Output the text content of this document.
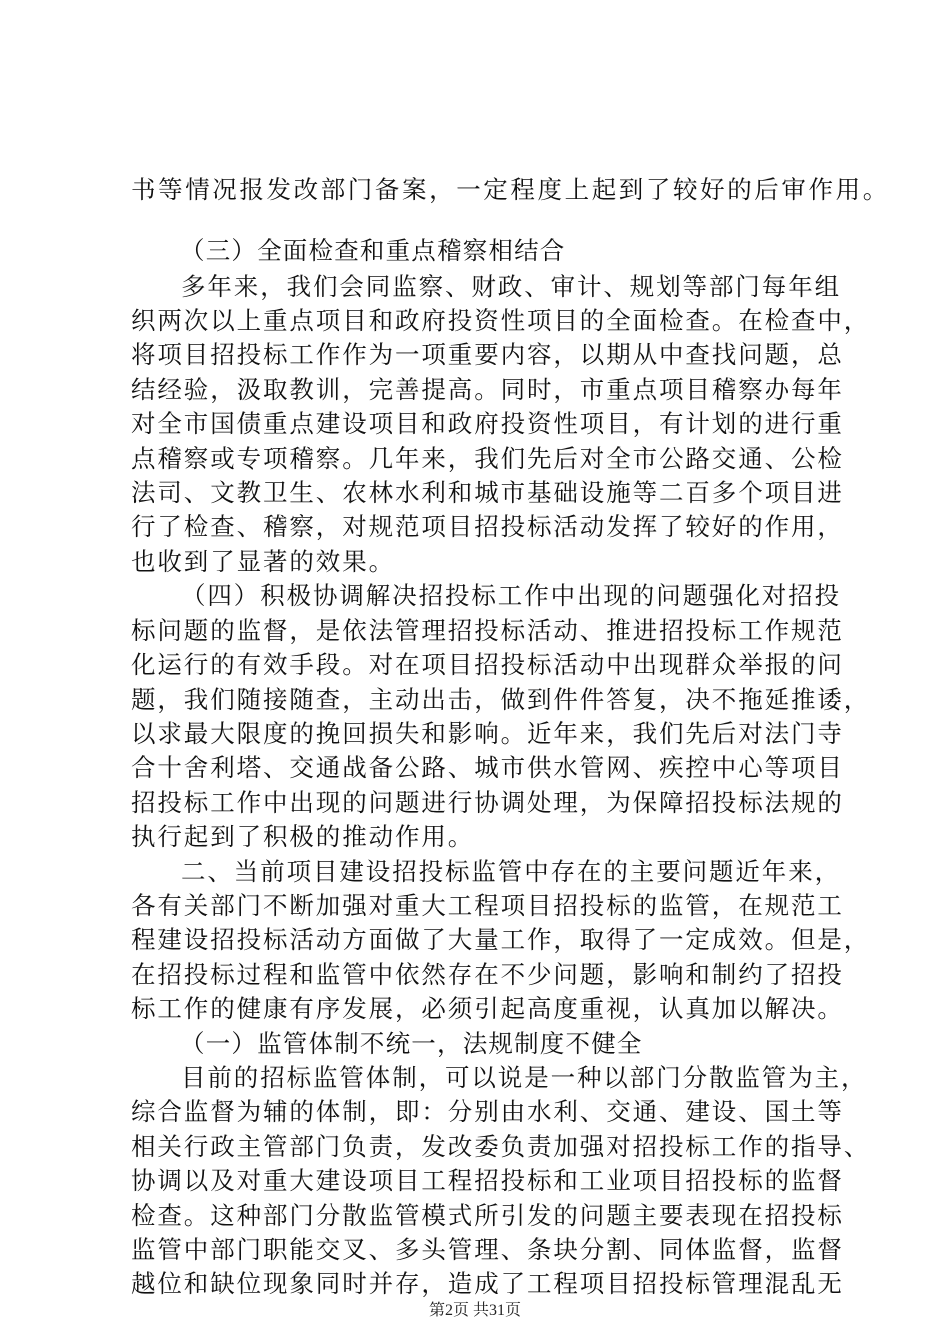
书等情况报发改部门备案，一定程度上起到了较好的后审作用。
（三）全面检查和重点稽察相结合
多年来，我们会同监察、财政、审计、规划等部门每年组
织两次以上重点项目和政府投资性项目的全面检查。在检查中，
将项目招投标工作作为一项重要内容，以期从中查找问题，总
结经验，汲取教训，完善提高。同时，市重点项目稽察办每年
对全市国债重点建设项目和政府投资性项目，有计划的进行重
点稽察或专项稽察。几年来，我们先后对全市公路交通、公检
法司、文教卫生、农林水利和城市基础设施等二百多个项目进
行了检查、稽察，对规范项目招投标活动发挥了较好的作用，
也收到了显著的效果。
（四）积极协调解决招投标工作中出现的问题强化对招投
标问题的监督，是依法管理招投标活动、推进招投标工作规范
化运行的有效手段。对在项目招投标活动中出现群众举报的问
题，我们随接随查，主动出击，做到件件答复，决不拖延推诿，
以求最大限度的挽回损失和影响。近年来，我们先后对法门寺
合十舍利塔、交通战备公路、城市供水管网、疾控中心等项目
招投标工作中出现的问题进行协调处理，为保障招投标法规的
执行起到了积极的推动作用。
二、当前项目建设招投标监管中存在的主要问题近年来，
各有关部门不断加强对重大工程项目招投标的监管，在规范工
程建设招投标活动方面做了大量工作，取得了一定成效。但是，
在招投标过程和监管中依然存在不少问题，影响和制约了招投
标工作的健康有序发展，必须引起高度重视，认真加以解决。
（一）监管体制不统一，法规制度不健全
目前的招标监管体制，可以说是一种以部门分散监管为主，
综合监督为辅的体制，即：分别由水利、交通、建设、国土等
相关行政主管部门负责，发改委负责加强对招投标工作的指导、
协调以及对重大建设项目工程招投标和工业项目招投标的监督
检查。这种部门分散监管模式所引发的问题主要表现在招投标
监管中部门职能交叉、多头管理、条块分割、同体监督，监督
越位和缺位现象同时并存，造成了工程项目招投标管理混乱无
第2页 共31页
